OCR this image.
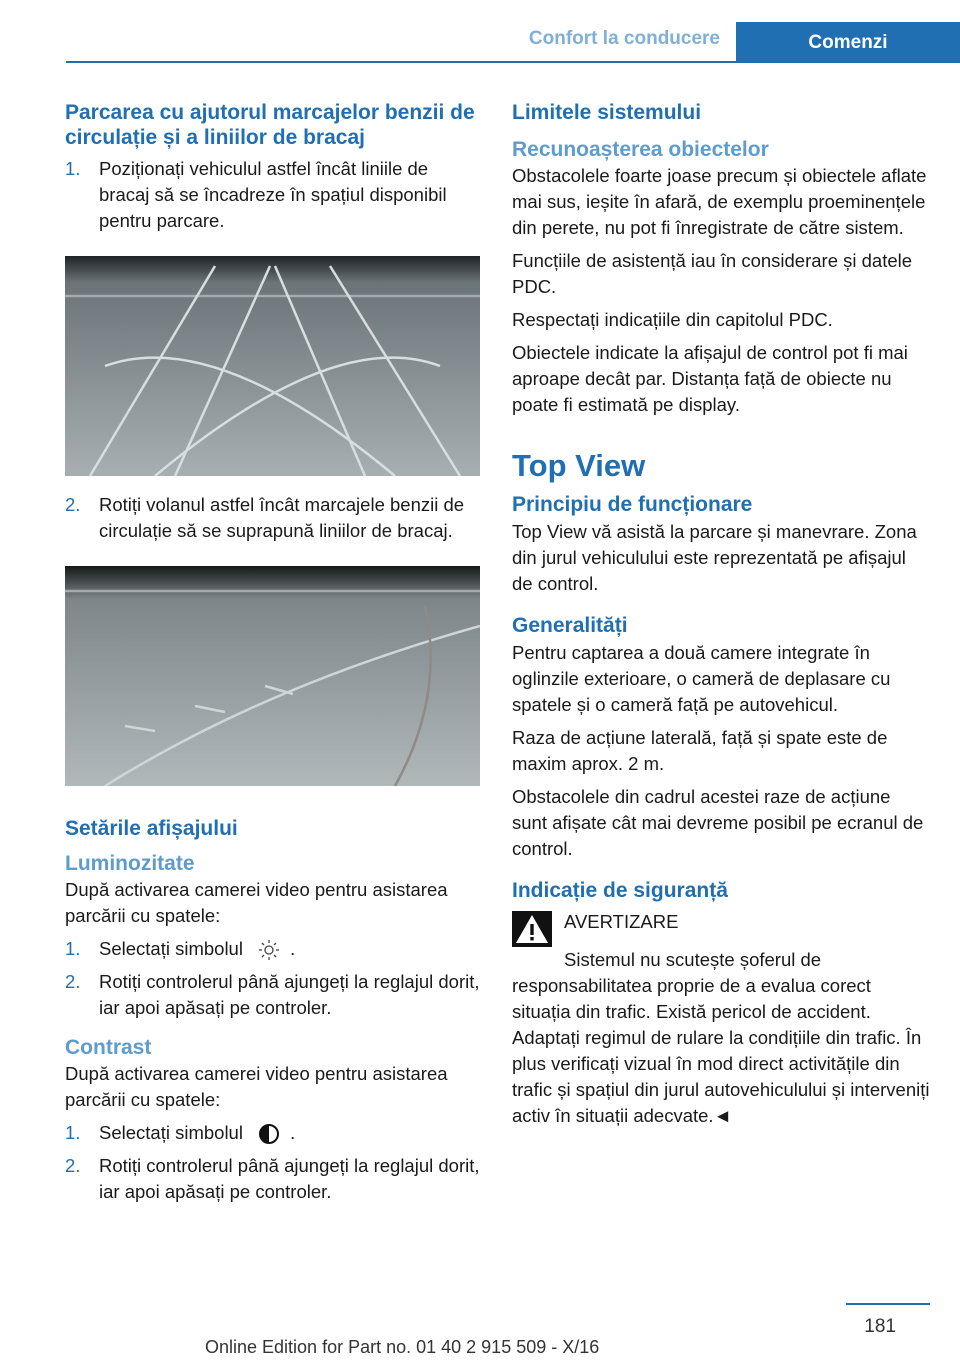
Confort la conducere	Comenzi
Parcarea cu ajutorul marcajelor benzii de circulație și a liniilor de bracaj
1.	Poziționați vehiculul astfel încât liniile de bracaj să se încadreze în spațiul disponibil pentru parcare.
2.	Rotiți volanul astfel încât marcajele benzii de circulație să se suprapună liniilor de bracaj.
Setările afișajului
Luminozitate

După activarea camerei video pentru asistarea parcării cu spatele:

1.	Selectați simbolul	.
2.	Rotiți controlerul până ajungeți la reglajul dorit, iar apoi apăsați pe controler.
Contrast

După activarea camerei video pentru asistarea parcării cu spatele:

1.	Selectați simbolul	.
2.	Rotiți controlerul până ajungeți la reglajul dorit, iar apoi apăsați pe controler.
Limitele sistemului
Recunoașterea obiectelor

Obstacolele foarte joase precum și obiectele aflate mai sus, ieșite în afară, de exemplu proeminențele din perete, nu pot fi înregistrate de către sistem.

Funcțiile de asistență iau în considerare și datele PDC.

Respectați indicațiile din capitolul PDC.

Obiectele indicate la afișajul de control pot fi mai aproape decât par. Distanța față de obiecte nu poate fi estimată pe display.

Top View
Principiu de funcționare

Top View vă asistă la parcare și manevrare. Zona din jurul vehiculului este reprezentată pe afișajul de control.

Generalități

Pentru captarea a două camere integrate în oglinzile exterioare, o cameră de deplasare cu spatele și o cameră față pe autovehicul.

Raza de acțiune laterală, față și spate este de maxim aprox. 2 m.

Obstacolele din cadrul acestei raze de acțiune sunt afișate cât mai devreme posibil pe ecranul de control.

Indicație de siguranță

AVERTIZARE

Sistemul nu scutește șoferul de responsabilitatea proprie de a evalua corect situația din trafic. Există pericol de accident. Adaptați regimul de rulare la condițiile din trafic. În plus verificați vizual în mod direct activitățile din trafic și spațiul din jurul autovehiculului și interveniți activ în situații adecvate.◄

181
Online Edition for Part no. 01 40 2 915 509 - X/16
